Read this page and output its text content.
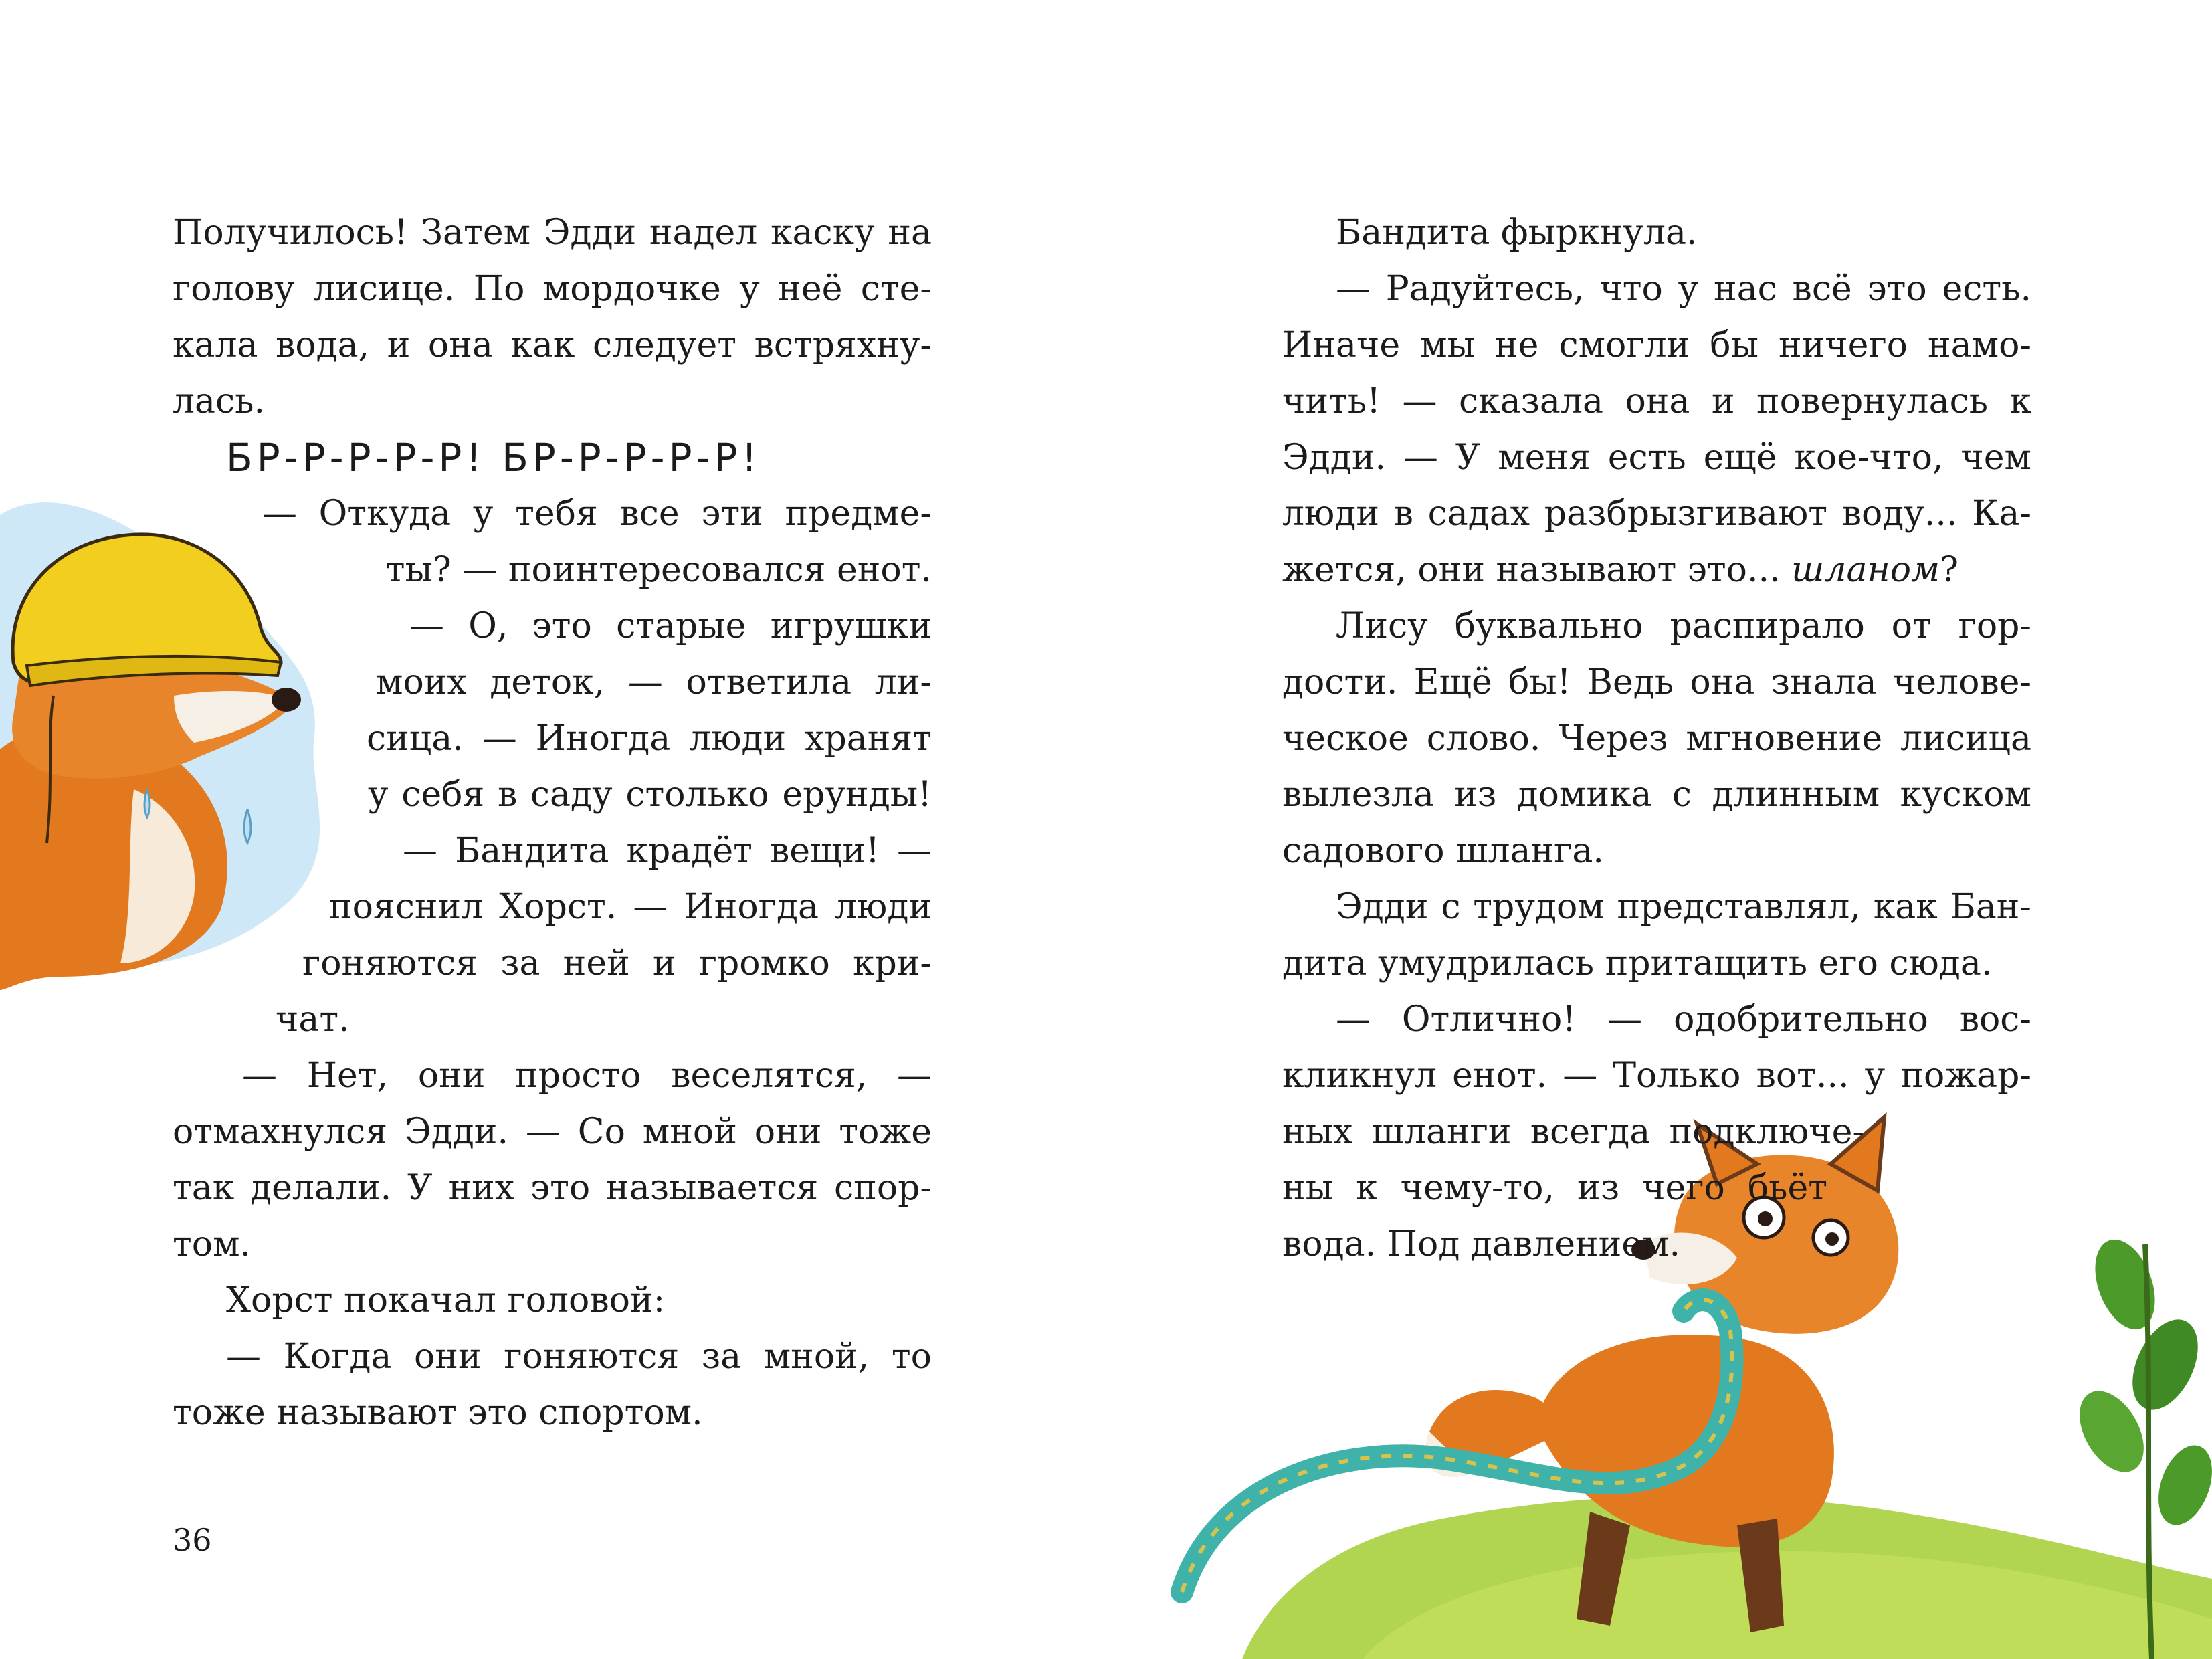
Получилось! Затем Эдди надел каску на
голову лисице. По мордочке у неё сте-
кала вода, и она как следует встряхну-
лась.
БР-Р-Р-Р-Р! БР-Р-Р-Р-Р!
— Откуда у тебя все эти предме-
ты? — поинтересовался енот.
— О, это старые игрушки
моих деток, — ответила ли-
сица. — Иногда люди хранят
у себя в саду столько ерунды!
— Бандита крадёт вещи! —
пояснил Хорст. — Иногда люди
гоняются за ней и громко кри-
чат.
— Нет, они просто веселятся, —
отмахнулся Эдди. — Со мной они тоже
так делали. У них это называется спор-
том.
Хорст покачал головой:
— Когда они гоняются за мной, то
тоже называют это спортом.
36
Бандита фыркнула.
— Радуйтесь, что у нас всё это есть.
Иначе мы не смогли бы ничего намо-
чить! — сказала она и повернулась к
Эдди. — У меня есть ещё кое-что, чем
люди в садах разбрызгивают воду... Ка-
жется, они называют это... шланом?
Лису буквально распирало от гор-
дости. Ещё бы! Ведь она знала челове-
ческое слово. Через мгновение лисица
вылезла из домика с длинным куском
садового шланга.
Эдди с трудом представлял, как Бан-
дита умудрилась притащить его сюда.
— Отлично! — одобрительно вос-
кликнул енот. — Только вот... у пожар-
ных шланги всегда подключе-
ны к чему-то, из чего бьёт
вода. Под давлением.
